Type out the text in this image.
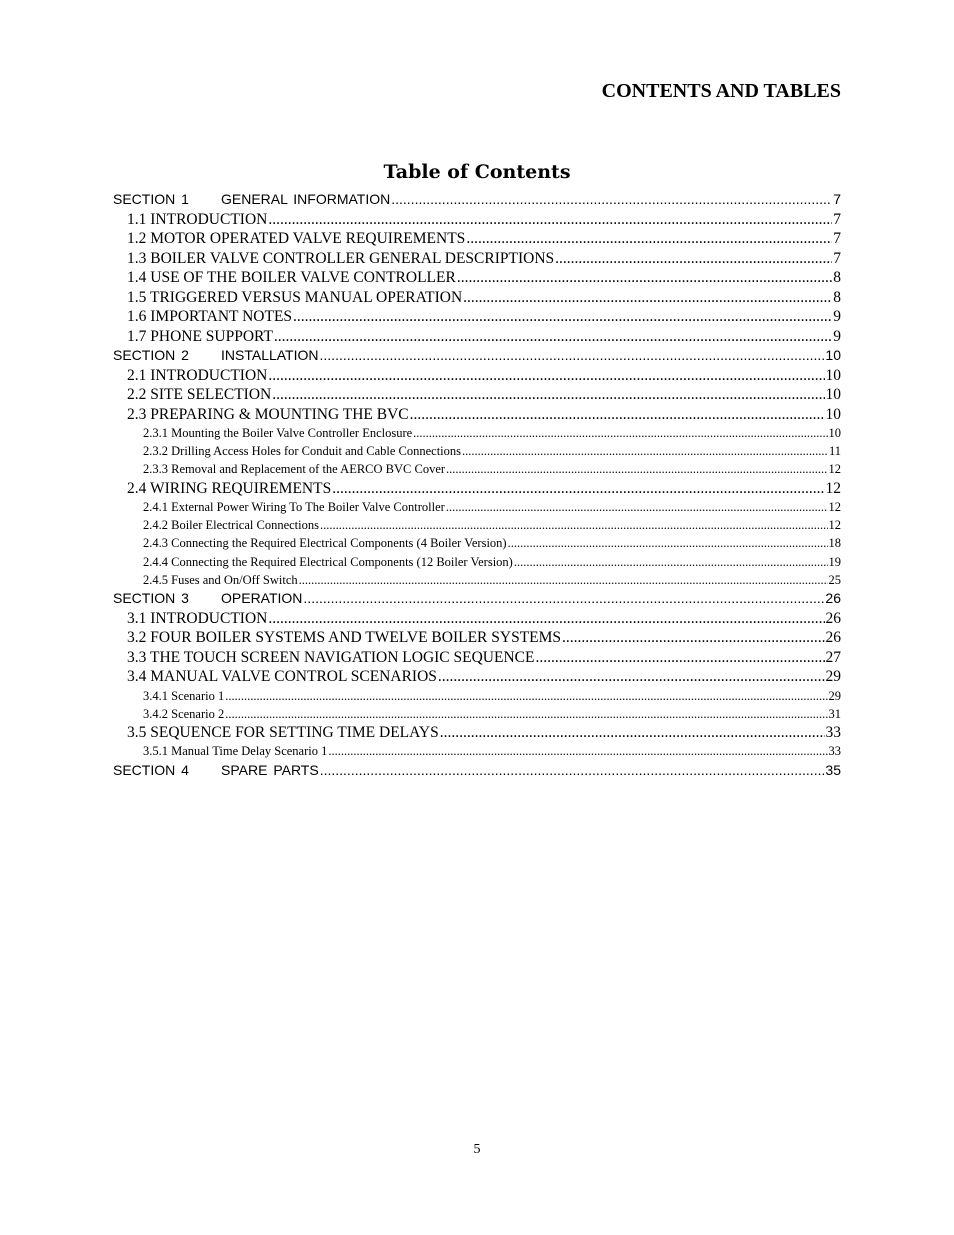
CONTENTS AND TABLES
Table of Contents
SECTION 1 GENERAL INFORMATION .....	7
1.1 INTRODUCTION .....	7
1.2 MOTOR OPERATED VALVE REQUIREMENTS .....	7
1.3 BOILER VALVE CONTROLLER GENERAL DESCRIPTIONS .....	7
1.4 USE OF THE BOILER VALVE CONTROLLER .....	8
1.5 TRIGGERED VERSUS MANUAL OPERATION .....	8
1.6 IMPORTANT NOTES .....	9
1.7 PHONE SUPPORT .....	9
SECTION 2 INSTALLATION .....	10
2.1 INTRODUCTION .....	10
2.2 SITE SELECTION .....	10
2.3 PREPARING & MOUNTING THE BVC .....	10
2.3.1 Mounting the Boiler Valve Controller Enclosure .....	10
2.3.2 Drilling Access Holes for Conduit and Cable Connections .....	11
2.3.3 Removal and Replacement of the AERCO BVC Cover .....	12
2.4 WIRING REQUIREMENTS .....	12
2.4.1 External Power Wiring To The Boiler Valve Controller .....	12
2.4.2 Boiler Electrical Connections .....	12
2.4.3 Connecting the Required Electrical Components (4 Boiler Version) .....	18
2.4.4 Connecting the Required Electrical Components (12 Boiler Version) .....	19
2.4.5 Fuses and On/Off Switch .....	25
SECTION 3 OPERATION .....	26
3.1 INTRODUCTION .....	26
3.2 FOUR BOILER SYSTEMS AND TWELVE BOILER SYSTEMS .....	26
3.3 THE TOUCH SCREEN NAVIGATION LOGIC SEQUENCE .....	27
3.4 MANUAL VALVE CONTROL SCENARIOS .....	29
3.4.1 Scenario 1 .....	29
3.4.2 Scenario 2 .....	31
3.5 SEQUENCE FOR SETTING TIME DELAYS .....	33
3.5.1 Manual Time Delay Scenario 1 .....	33
SECTION 4 SPARE PARTS .....	35
5
